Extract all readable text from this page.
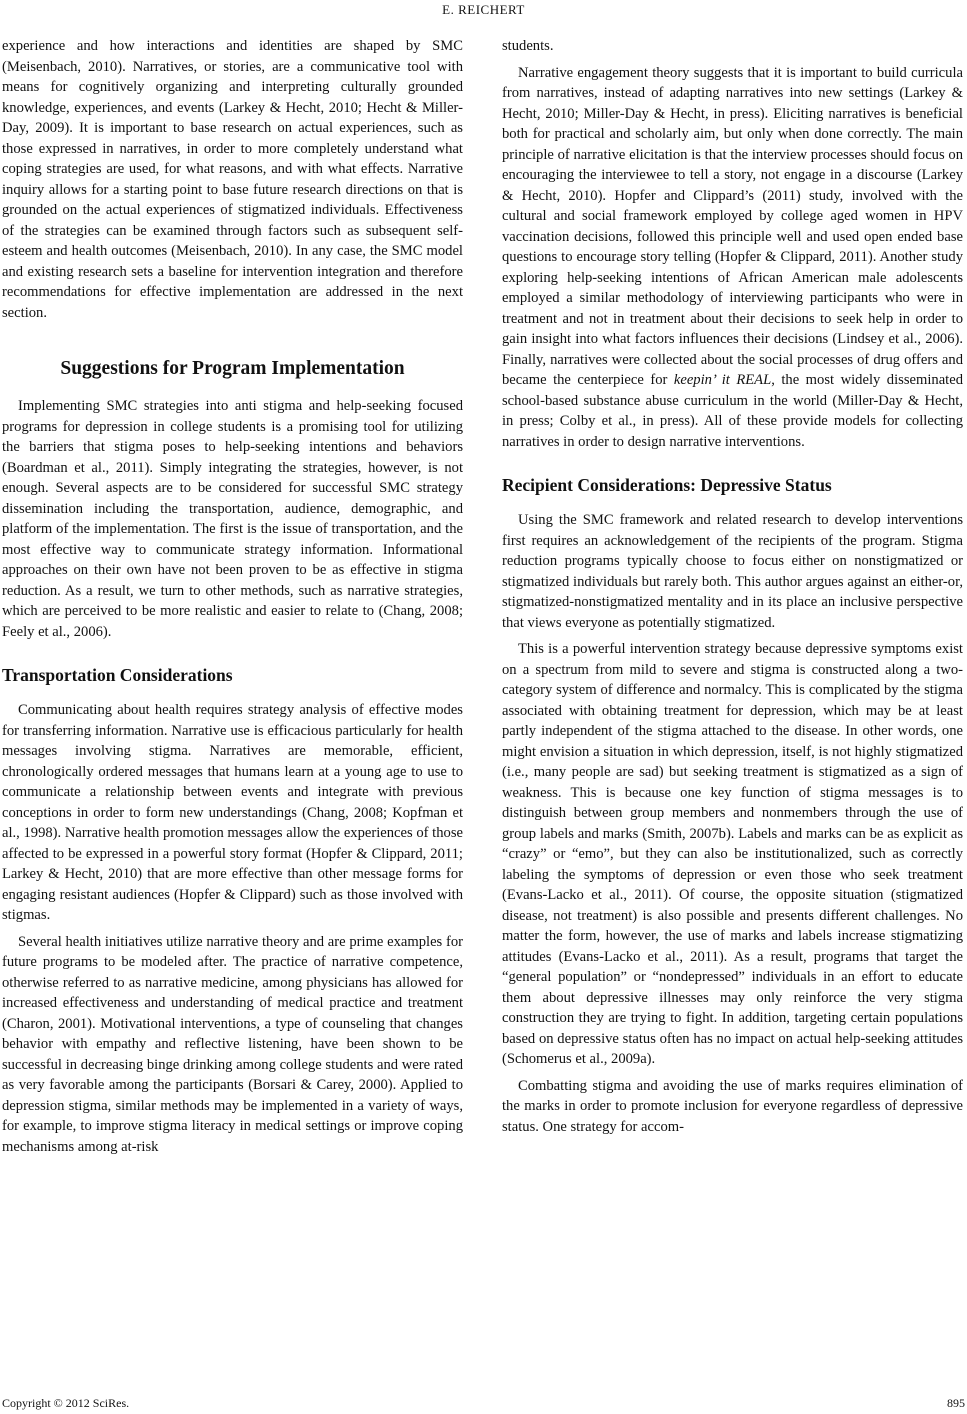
E. REICHERT

experience and how interactions and identities are shaped by SMC (Meisenbach, 2010). Narratives, or stories, are a communicative tool with means for cognitively organizing and interpreting culturally grounded knowledge, experiences, and events (Larkey & Hecht, 2010; Hecht & Miller-Day, 2009). It is important to base research on actual experiences, such as those expressed in narratives, in order to more completely understand what coping strategies are used, for what reasons, and with what effects. Narrative inquiry allows for a starting point to base future research directions on that is grounded on the actual experiences of stigmatized individuals. Effectiveness of the strategies can be examined through factors such as subsequent self-esteem and health outcomes (Meisenbach, 2010). In any case, the SMC model and existing research sets a baseline for intervention integration and therefore recommendations for effective implementation are addressed in the next section.

Suggestions for Program Implementation

Implementing SMC strategies into anti stigma and help-seeking focused programs for depression in college students is a promising tool for utilizing the barriers that stigma poses to help-seeking intentions and behaviors (Boardman et al., 2011). Simply integrating the strategies, however, is not enough. Several aspects are to be considered for successful SMC strategy dissemination including the transportation, audience, demographic, and platform of the implementation. The first is the issue of transportation, and the most effective way to communicate strategy information. Informational approaches on their own have not been proven to be as effective in stigma reduction. As a result, we turn to other methods, such as narrative strategies, which are perceived to be more realistic and easier to relate to (Chang, 2008; Feely et al., 2006).

Transportation Considerations

Communicating about health requires strategy analysis of effective modes for transferring information. Narrative use is efficacious particularly for health messages involving stigma. Narratives are memorable, efficient, chronologically ordered messages that humans learn at a young age to use to communicate a relationship between events and integrate with previous conceptions in order to form new understandings (Chang, 2008; Kopfman et al., 1998). Narrative health promotion messages allow the experiences of those affected to be expressed in a powerful story format (Hopfer & Clippard, 2011; Larkey & Hecht, 2010) that are more effective than other message forms for engaging resistant audiences (Hopfer & Clippard) such as those involved with stigmas.

Several health initiatives utilize narrative theory and are prime examples for future programs to be modeled after. The practice of narrative competence, otherwise referred to as narrative medicine, among physicians has allowed for increased effectiveness and understanding of medical practice and treatment (Charon, 2001). Motivational interventions, a type of counseling that changes behavior with empathy and reflective listening, have been shown to be successful in decreasing binge drinking among college students and were rated as very favorable among the participants (Borsari & Carey, 2000). Applied to depression stigma, similar methods may be implemented in a variety of ways, for example, to improve stigma literacy in medical settings or improve coping mechanisms among at-risk

students.

Narrative engagement theory suggests that it is important to build curricula from narratives, instead of adapting narratives into new settings (Larkey & Hecht, 2010; Miller-Day & Hecht, in press). Eliciting narratives is beneficial both for practical and scholarly aim, but only when done correctly. The main principle of narrative elicitation is that the interview processes should focus on encouraging the interviewee to tell a story, not engage in a discourse (Larkey & Hecht, 2010). Hopfer and Clippard’s (2011) study, involved with the cultural and social framework employed by college aged women in HPV vaccination decisions, followed this principle well and used open ended base questions to encourage story telling (Hopfer & Clippard, 2011). Another study exploring help-seeking intentions of African American male adolescents employed a similar methodology of interviewing participants who were in treatment and not in treatment about their decisions to seek help in order to gain insight into what factors influences their decisions (Lindsey et al., 2006). Finally, narratives were collected about the social processes of drug offers and became the centerpiece for keepin’ it REAL, the most widely disseminated school-based substance abuse curriculum in the world (Miller-Day & Hecht, in press; Colby et al., in press). All of these provide models for collecting narratives in order to design narrative interventions.

Recipient Considerations: Depressive Status

Using the SMC framework and related research to develop interventions first requires an acknowledgement of the recipients of the program. Stigma reduction programs typically choose to focus either on nonstigmatized or stigmatized individuals but rarely both. This author argues against an either-or, stigmatized-nonstigmatized mentality and in its place an inclusive perspective that views everyone as potentially stigmatized.

This is a powerful intervention strategy because depressive symptoms exist on a spectrum from mild to severe and stigma is constructed along a two-category system of difference and normalcy. This is complicated by the stigma associated with obtaining treatment for depression, which may be at least partly independent of the stigma attached to the disease. In other words, one might envision a situation in which depression, itself, is not highly stigmatized (i.e., many people are sad) but seeking treatment is stigmatized as a sign of weakness. This is because one key function of stigma messages is to distinguish between group members and nonmembers through the use of group labels and marks (Smith, 2007b). Labels and marks can be as explicit as “crazy” or “emo”, but they can also be institutionalized, such as correctly labeling the symptoms of depression or even those who seek treatment (Evans-Lacko et al., 2011). Of course, the opposite situation (stigmatized disease, not treatment) is also possible and presents different challenges. No matter the form, however, the use of marks and labels increase stigmatizing attitudes (Evans-Lacko et al., 2011). As a result, programs that target the “general population” or “nondepressed” individuals in an effort to educate them about depressive illnesses may only reinforce the very stigma construction they are trying to fight. In addition, targeting certain populations based on depressive status often has no impact on actual help-seeking attitudes (Schomerus et al., 2009a).

Combatting stigma and avoiding the use of marks requires elimination of the marks in order to promote inclusion for everyone regardless of depressive status. One strategy for accom-

Copyright © 2012 SciRes.	895
